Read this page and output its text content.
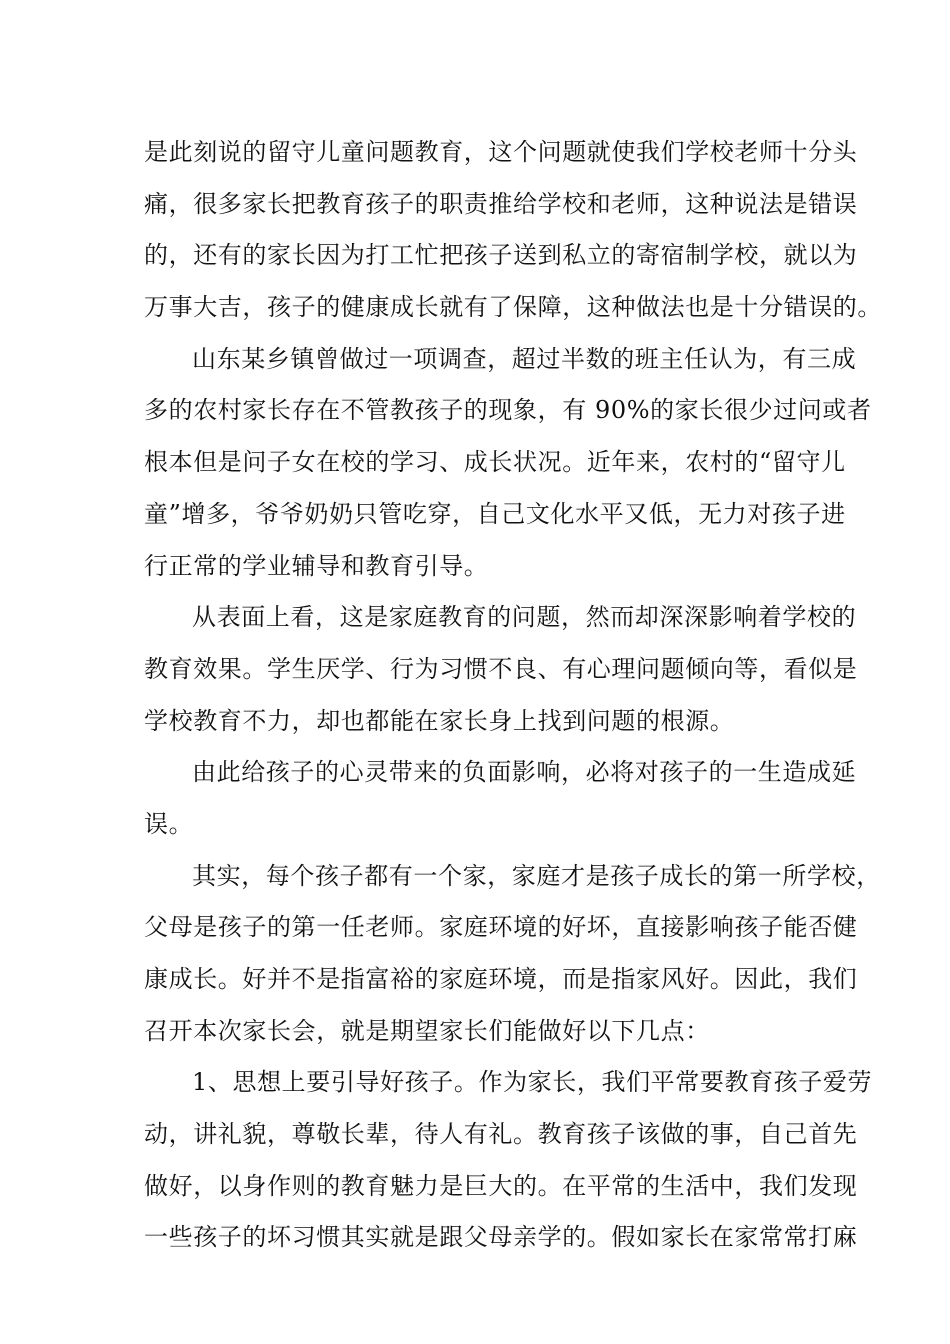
是此刻说的留守儿童问题教育，这个问题就使我们学校老师十分头
痛，很多家长把教育孩子的职责推给学校和老师，这种说法是错误
的，还有的家长因为打工忙把孩子送到私立的寄宿制学校，就以为
万事大吉，孩子的健康成长就有了保障，这种做法也是十分错误的。
山东某乡镇曾做过一项调查，超过半数的班主任认为，有三成
多的农村家长存在不管教孩子的现象，有 90%的家长很少过问或者
根本但是问子女在校的学习、成长状况。近年来，农村的“留守儿
童”增多，爷爷奶奶只管吃穿，自己文化水平又低，无力对孩子进
行正常的学业辅导和教育引导。
从表面上看，这是家庭教育的问题，然而却深深影响着学校的
教育效果。学生厌学、行为习惯不良、有心理问题倾向等，看似是
学校教育不力，却也都能在家长身上找到问题的根源。
由此给孩子的心灵带来的负面影响，必将对孩子的一生造成延
误。
其实，每个孩子都有一个家，家庭才是孩子成长的第一所学校，
父母是孩子的第一任老师。家庭环境的好坏，直接影响孩子能否健
康成长。好并不是指富裕的家庭环境，而是指家风好。因此，我们
召开本次家长会，就是期望家长们能做好以下几点：
1、思想上要引导好孩子。作为家长，我们平常要教育孩子爱劳
动，讲礼貌，尊敬长辈，待人有礼。教育孩子该做的事，自己首先
做好，以身作则的教育魅力是巨大的。在平常的生活中，我们发现
一些孩子的坏习惯其实就是跟父母亲学的。假如家长在家常常打麻
